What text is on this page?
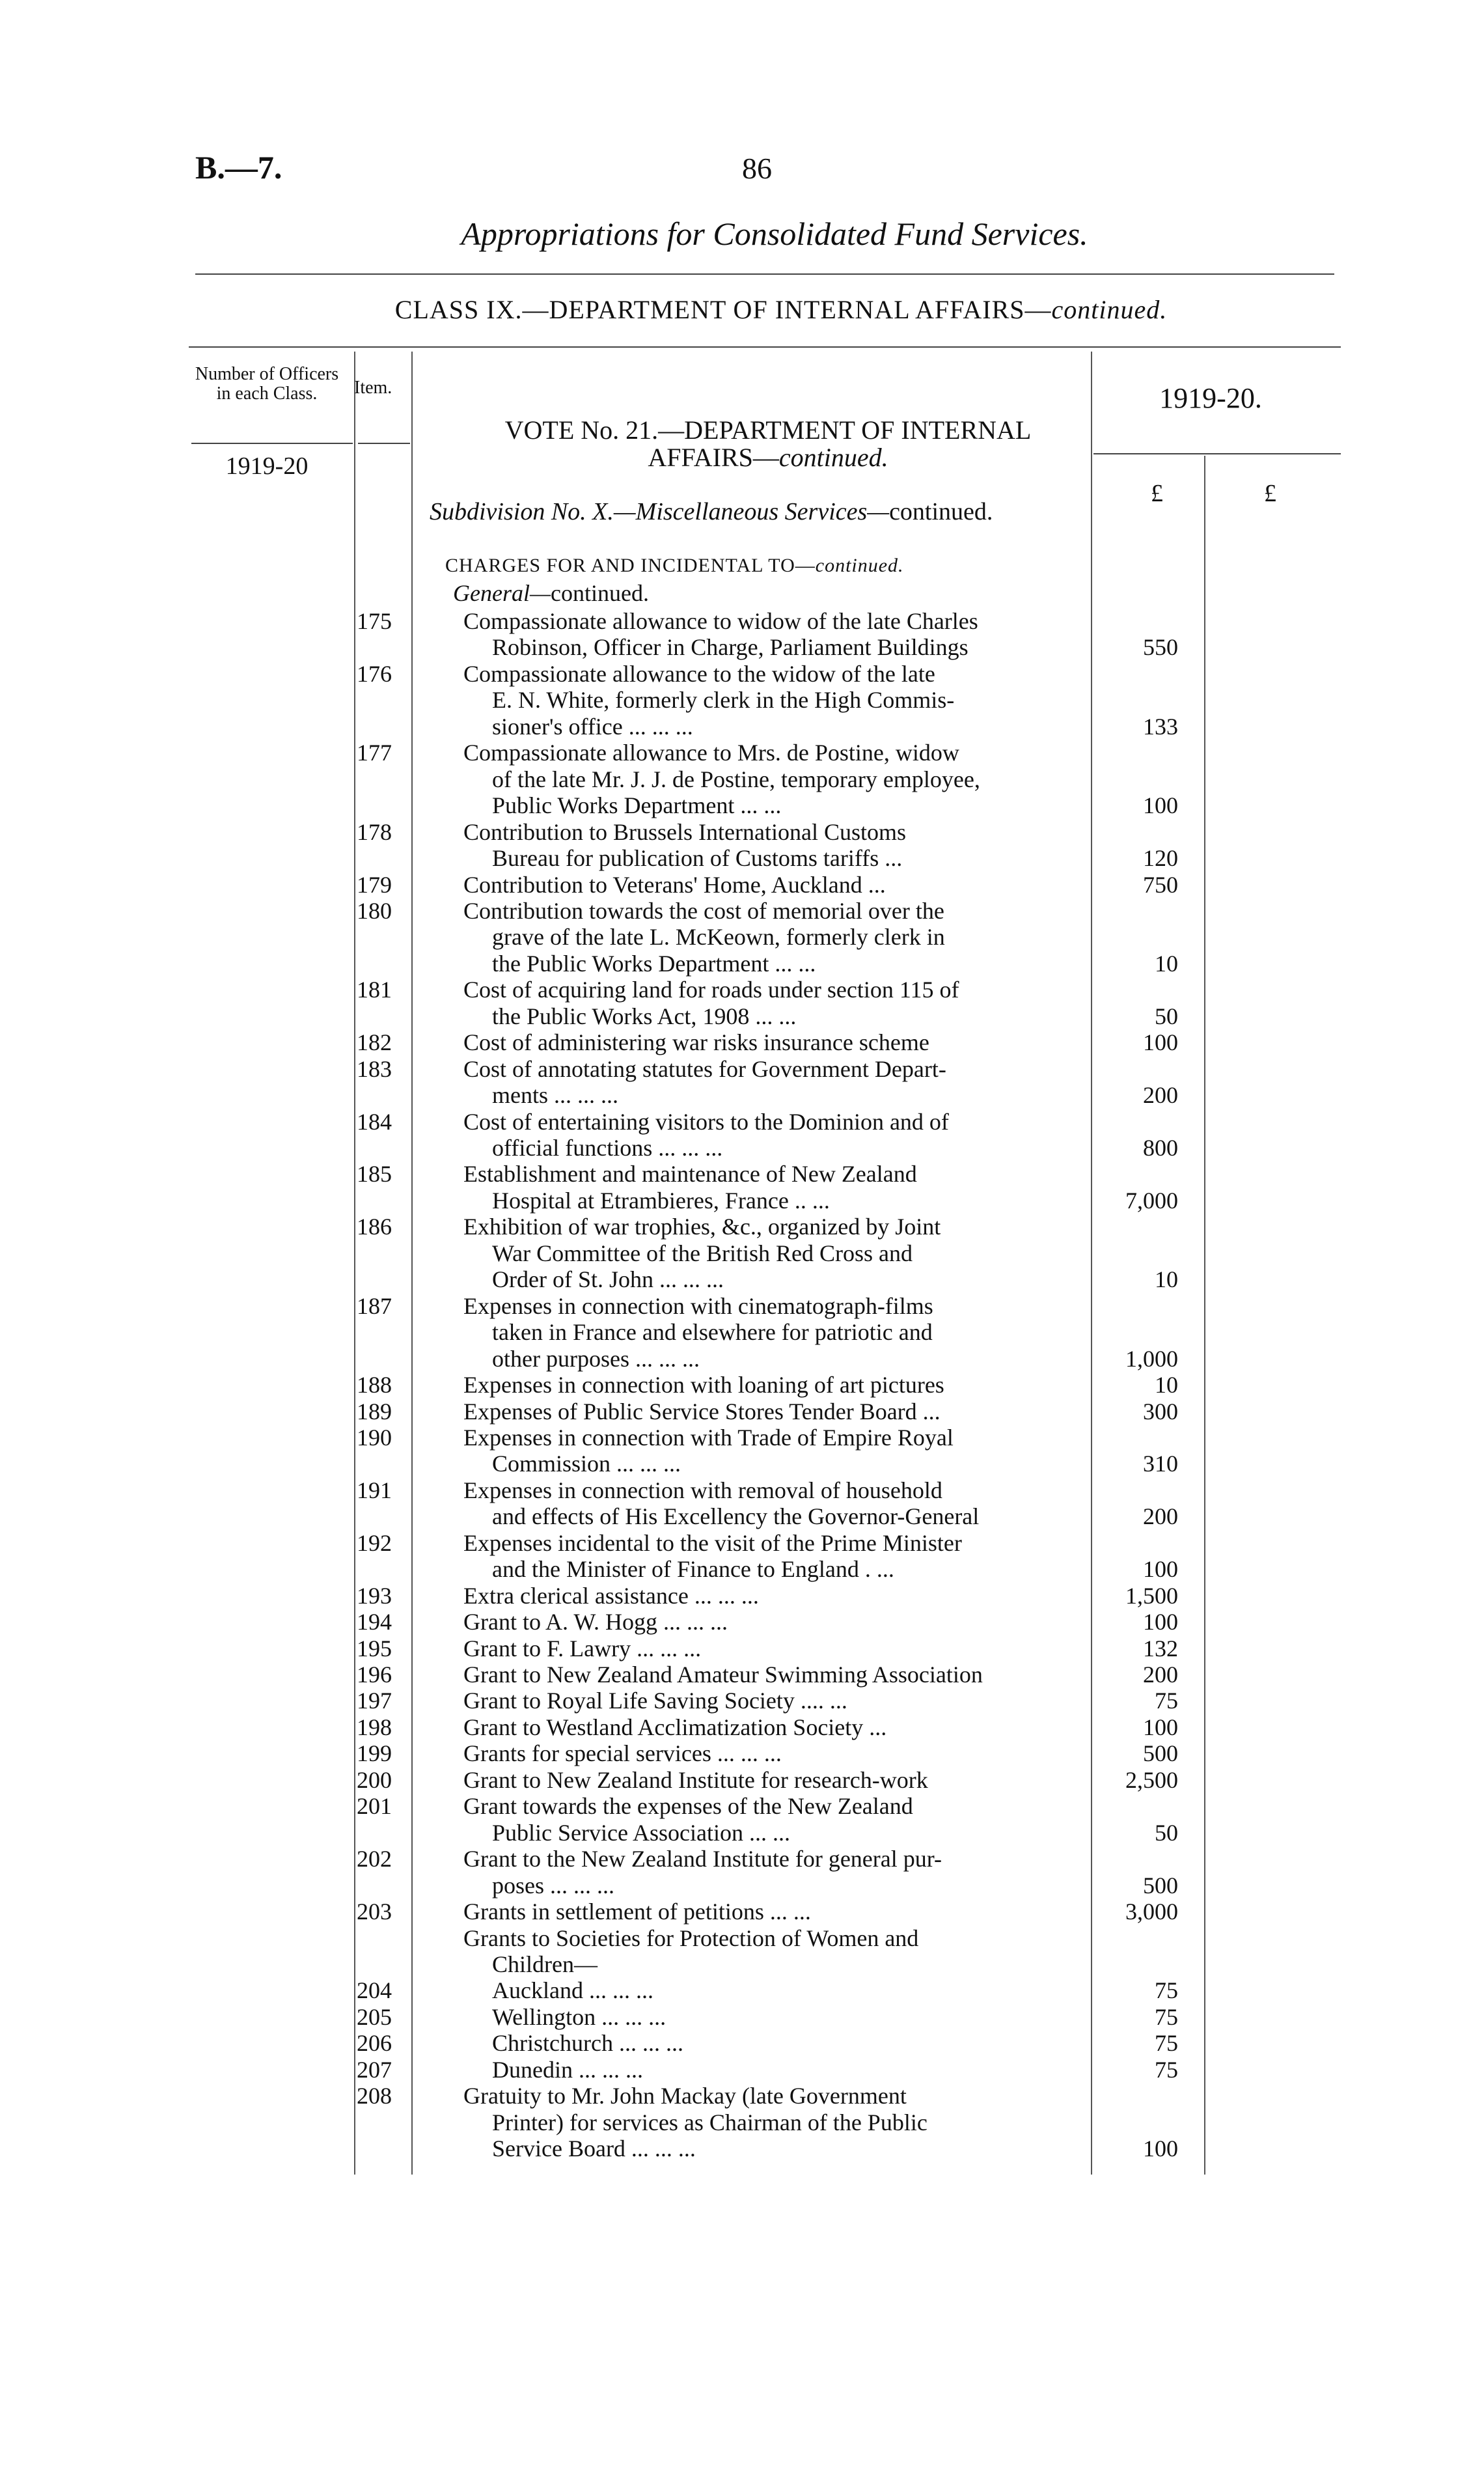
B.—7.	86
Appropriations for Consolidated Fund Services.
CLASS IX.—DEPARTMENT OF INTERNAL AFFAIRS—continued.
Number of Officers in each Class.	Item.
1919-20
1919-20.
£	£
VOTE No. 21.—DEPARTMENT OF INTERNAL
AFFAIRS—continued.
Subdivision No. X.—Miscellaneous Services—continued.
CHARGES FOR AND INCIDENTAL TO—continued.
General—continued.
175	Compassionate allowance to widow of the late Charles
Robinson, Officer in Charge, Parliament Buildings	550
176	Compassionate allowance to the widow of the late
E. N. White, formerly clerk in the High Commis-
sioner's office ... ... ...	133
177	Compassionate allowance to Mrs. de Postine, widow
of the late Mr. J. J. de Postine, temporary employee,
Public Works Department ... ...	100
178	Contribution to Brussels International Customs
Bureau for publication of Customs tariffs ...	120
179	Contribution to Veterans' Home, Auckland ...	750
180	Contribution towards the cost of memorial over the
grave of the late L. McKeown, formerly clerk in
the Public Works Department ... ...	10
181	Cost of acquiring land for roads under section 115 of
the Public Works Act, 1908 ... ...	50
182	Cost of administering war risks insurance scheme	100
183	Cost of annotating statutes for Government Depart-
ments ... ... ...	200
184	Cost of entertaining visitors to the Dominion and of
official functions ... ... ...	800
185	Establishment and maintenance of New Zealand
Hospital at Etrambieres, France .. ...	7,000
186	Exhibition of war trophies, &c., organized by Joint
War Committee of the British Red Cross and
Order of St. John ... ... ...	10
187	Expenses in connection with cinematograph-films
taken in France and elsewhere for patriotic and
other purposes ... ... ...	1,000
188	Expenses in connection with loaning of art pictures	10
189	Expenses of Public Service Stores Tender Board ...	300
190	Expenses in connection with Trade of Empire Royal
Commission ... ... ...	310
191	Expenses in connection with removal of household
and effects of His Excellency the Governor-General	200
192	Expenses incidental to the visit of the Prime Minister
and the Minister of Finance to England . ...	100
193	Extra clerical assistance ... ... ...	1,500
194	Grant to A. W. Hogg ... ... ...	100
195	Grant to F. Lawry ... ... ...	132
196	Grant to New Zealand Amateur Swimming Association	200
197	Grant to Royal Life Saving Society .... ...	75
198	Grant to Westland Acclimatization Society ...	100
199	Grants for special services ... ... ...	500
200	Grant to New Zealand Institute for research-work	2,500
201	Grant towards the expenses of the New Zealand
Public Service Association ... ...	50
202	Grant to the New Zealand Institute for general pur-
poses ... ... ...	500
203	Grants in settlement of petitions ... ...	3,000
Grants to Societies for Protection of Women and
Children—
204	Auckland ... ... ...	75
205	Wellington ... ... ...	75
206	Christchurch ... ... ...	75
207	Dunedin ... ... ...	75
208	Gratuity to Mr. John Mackay (late Government
Printer) for services as Chairman of the Public
Service Board ... ... ...	100
